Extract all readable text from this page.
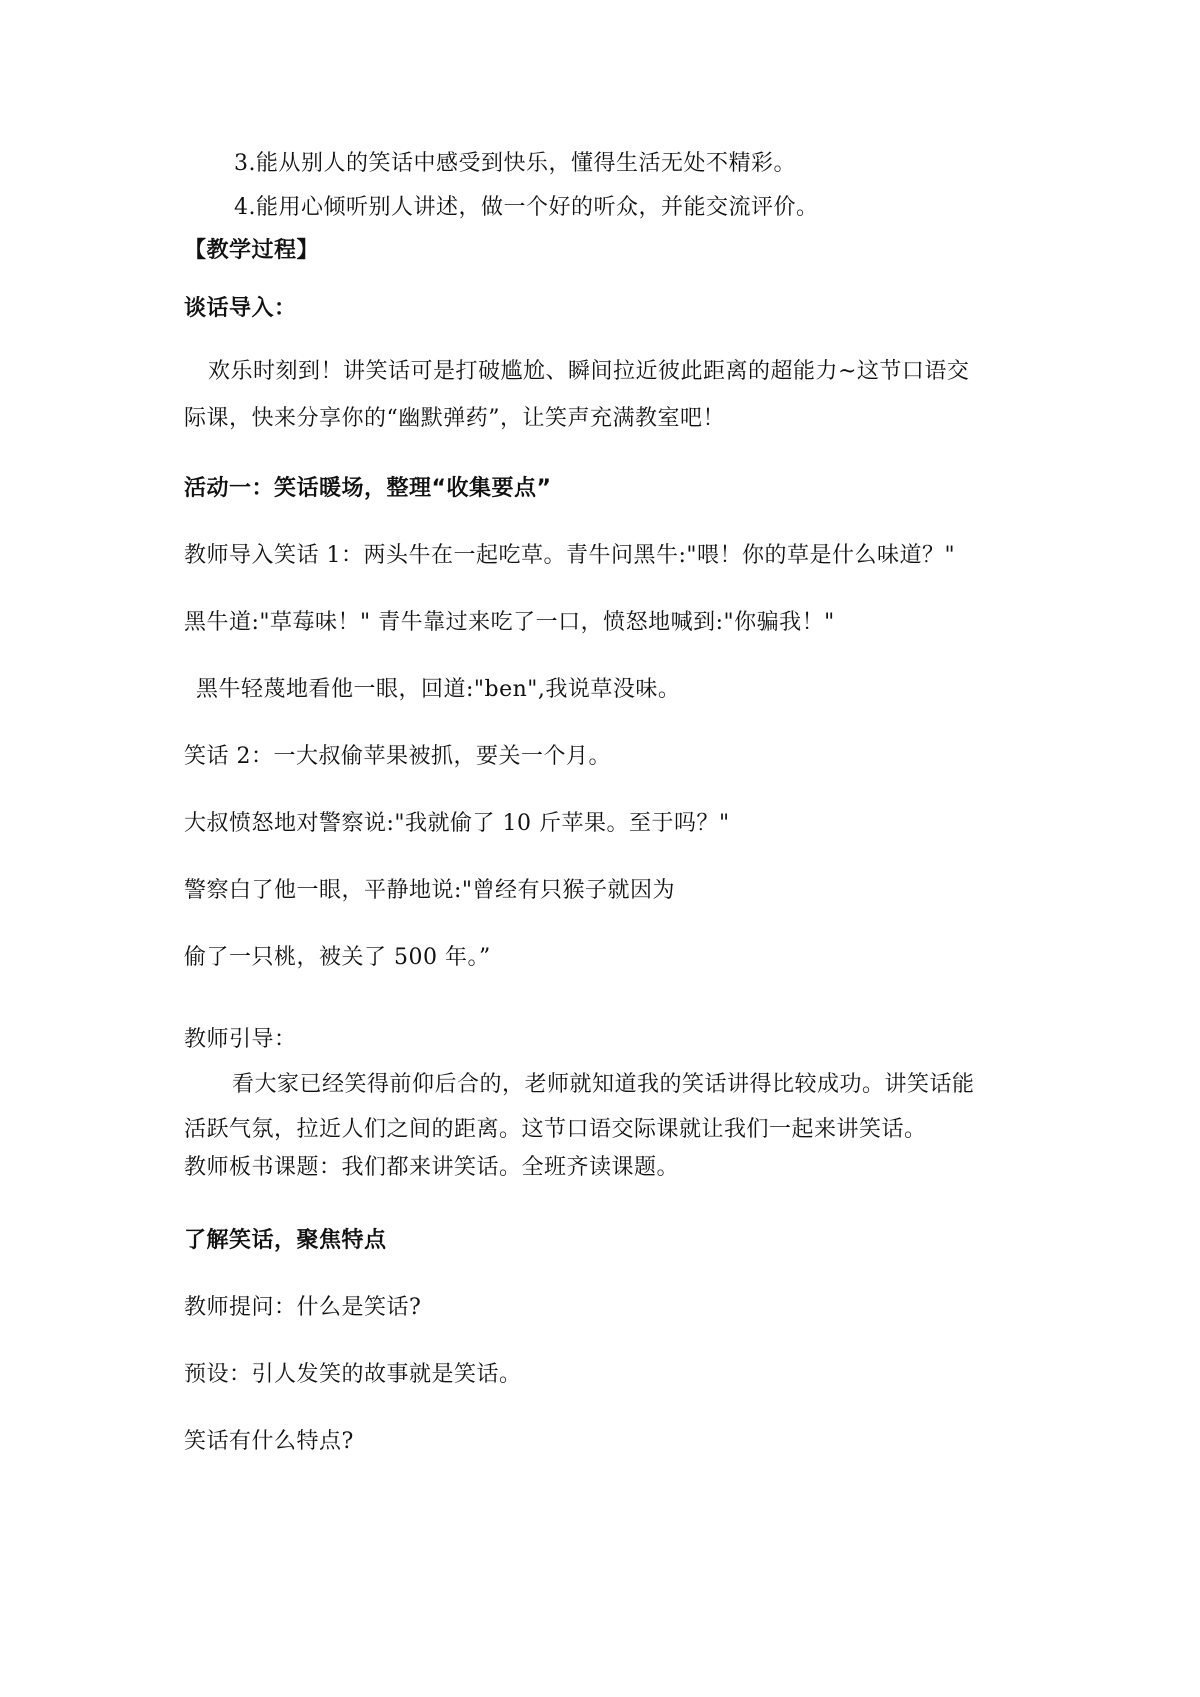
3.能从别人的笑话中感受到快乐，懂得生活无处不精彩。
4.能用心倾听别人讲述，做一个好的听众，并能交流评价。
【教学过程】
谈话导入：
欢乐时刻到！讲笑话可是打破尴尬、瞬间拉近彼此距离的超能力~这节口语交
际课，快来分享你的“幽默弹药”，让笑声充满教室吧！
活动一：笑话暖场，整理“收集要点”
教师导入笑话 1：两头牛在一起吃草。青牛问黑牛:"喂！你的草是什么味道？"
黑牛道:"草莓味！" 青牛靠过来吃了一口，愤怒地喊到:"你骗我！"
黑牛轻蔑地看他一眼，回道:"ben",我说草没味。
笑话 2：一大叔偷苹果被抓，要关一个月。
大叔愤怒地对警察说:"我就偷了 10 斤苹果。至于吗？"
警察白了他一眼，平静地说:"曾经有只猴子就因为
偷了一只桃，被关了 500 年。”
教师引导：
看大家已经笑得前仰后合的，老师就知道我的笑话讲得比较成功。讲笑话能
活跃气氛，拉近人们之间的距离。这节口语交际课就让我们一起来讲笑话。
教师板书课题：我们都来讲笑话。全班齐读课题。
了解笑话，聚焦特点
教师提问：什么是笑话?
预设：引人发笑的故事就是笑话。
笑话有什么特点?
